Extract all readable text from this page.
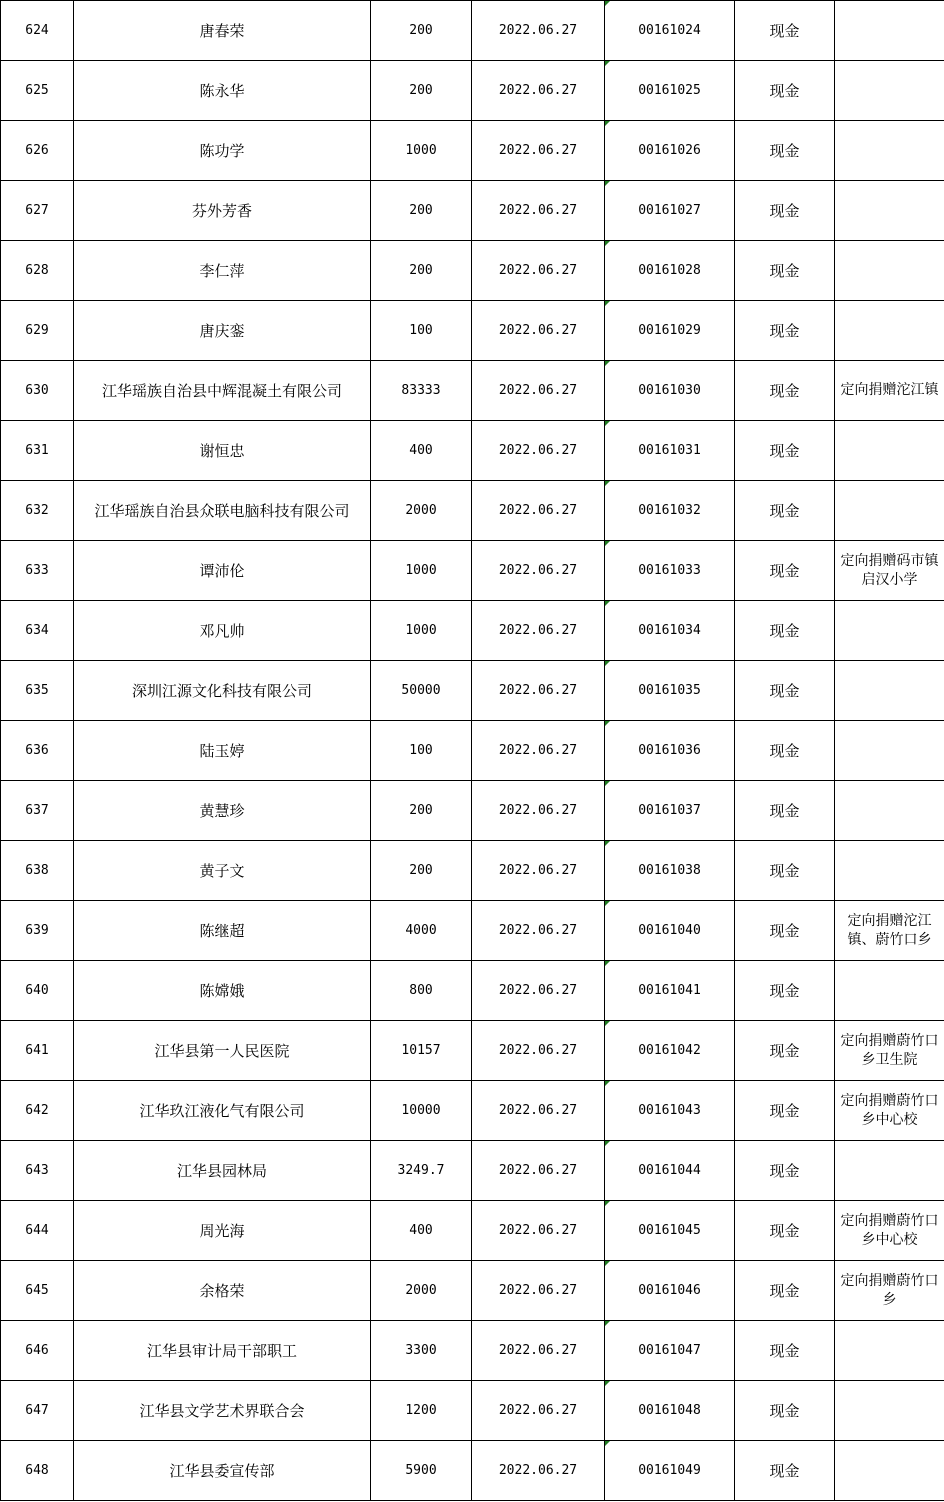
624	唐春荣	200	2022.06.27	00161024	现金	
625	陈永华	200	2022.06.27	00161025	现金	
626	陈功学	1000	2022.06.27	00161026	现金	
627	芬外芳香	200	2022.06.27	00161027	现金	
628	李仁萍	200	2022.06.27	00161028	现金	
629	唐庆銮	100	2022.06.27	00161029	现金	
630	江华瑶族自治县中辉混凝土有限公司	83333	2022.06.27	00161030	现金	定向捐赠沱江镇
631	谢恒忠	400	2022.06.27	00161031	现金	
632	江华瑶族自治县众联电脑科技有限公司	2000	2022.06.27	00161032	现金	
633	谭沛伦	1000	2022.06.27	00161033	现金	定向捐赠码市镇启汉小学
634	邓凡帅	1000	2022.06.27	00161034	现金	
635	深圳江源文化科技有限公司	50000	2022.06.27	00161035	现金	
636	陆玉婷	100	2022.06.27	00161036	现金	
637	黄慧珍	200	2022.06.27	00161037	现金	
638	黄子文	200	2022.06.27	00161038	现金	
639	陈继超	4000	2022.06.27	00161040	现金	定向捐赠沱江镇、蔚竹口乡
640	陈嫦娥	800	2022.06.27	00161041	现金	
641	江华县第一人民医院	10157	2022.06.27	00161042	现金	定向捐赠蔚竹口乡卫生院
642	江华玖江液化气有限公司	10000	2022.06.27	00161043	现金	定向捐赠蔚竹口乡中心校
643	江华县园林局	3249.7	2022.06.27	00161044	现金	
644	周光海	400	2022.06.27	00161045	现金	定向捐赠蔚竹口乡中心校
645	余格荣	2000	2022.06.27	00161046	现金	定向捐赠蔚竹口乡
646	江华县审计局干部职工	3300	2022.06.27	00161047	现金	
647	江华县文学艺术界联合会	1200	2022.06.27	00161048	现金	
648	江华县委宣传部	5900	2022.06.27	00161049	现金	
